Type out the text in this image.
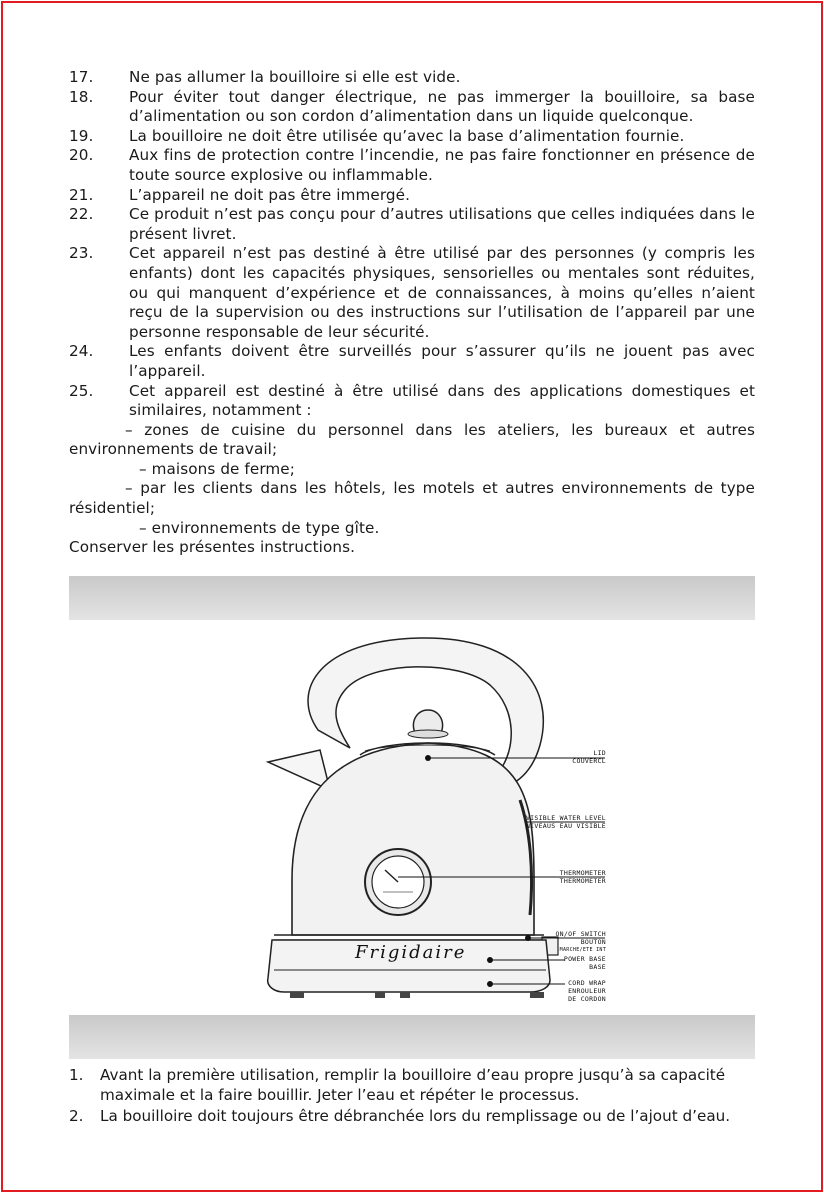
17.	Ne pas allumer la bouilloire si elle est vide.
18.	Pour éviter tout danger électrique, ne pas immerger la bouilloire, sa base d’alimentation ou son cordon d’alimentation dans un liquide quelconque.
19.	La bouilloire ne doit être utilisée qu’avec la base d’alimentation fournie.
20.	Aux fins de protection contre l’incendie, ne pas faire fonctionner en présence de toute source explosive ou inflammable.
21.	L’appareil ne doit pas être immergé.
22.	Ce produit n’est pas conçu pour d’autres utilisations que celles indiquées dans le présent livret.
23.	Cet appareil n’est pas destiné à être utilisé par des personnes (y compris les enfants) dont les capacités physiques, sensorielles ou mentales sont réduites, ou qui manquent d’expérience et de connaissances, à moins qu’elles n’aient reçu de la supervision ou des instructions sur l’utilisation de l’appareil par une personne responsable de leur sécurité.
24.	Les enfants doivent être surveillés pour s’assurer qu’ils ne jouent pas avec l’appareil.
25.	Cet appareil est destiné à être utilisé dans des applications domestiques et similaires, notamment :
– zones de cuisine du personnel dans les ateliers, les bureaux et autres environnements de travail;
– maisons de ferme;
– par les clients dans les hôtels, les motels et autres environnements de type résidentiel;
– environnements de type gîte.
Conserver les présentes instructions.
Frigidaire
LID
COUVERCL
VISIBLE WATER LEVEL
NIVEAUS EAU VISIBLE
THERMOMETER
THERMOMETER
ON/OF SWITCH
BOUTON
MARCHE/ETE INT
POWER BASE
BASE
CORD WRAP
ENROULEUR
DE CORDON
1.	Avant la première utilisation, remplir la bouilloire d’eau propre jusqu’à sa capacité maximale et la faire bouillir. Jeter l’eau et répéter le processus.
2.	La bouilloire doit toujours être débranchée lors du remplissage ou de l’ajout d’eau.
